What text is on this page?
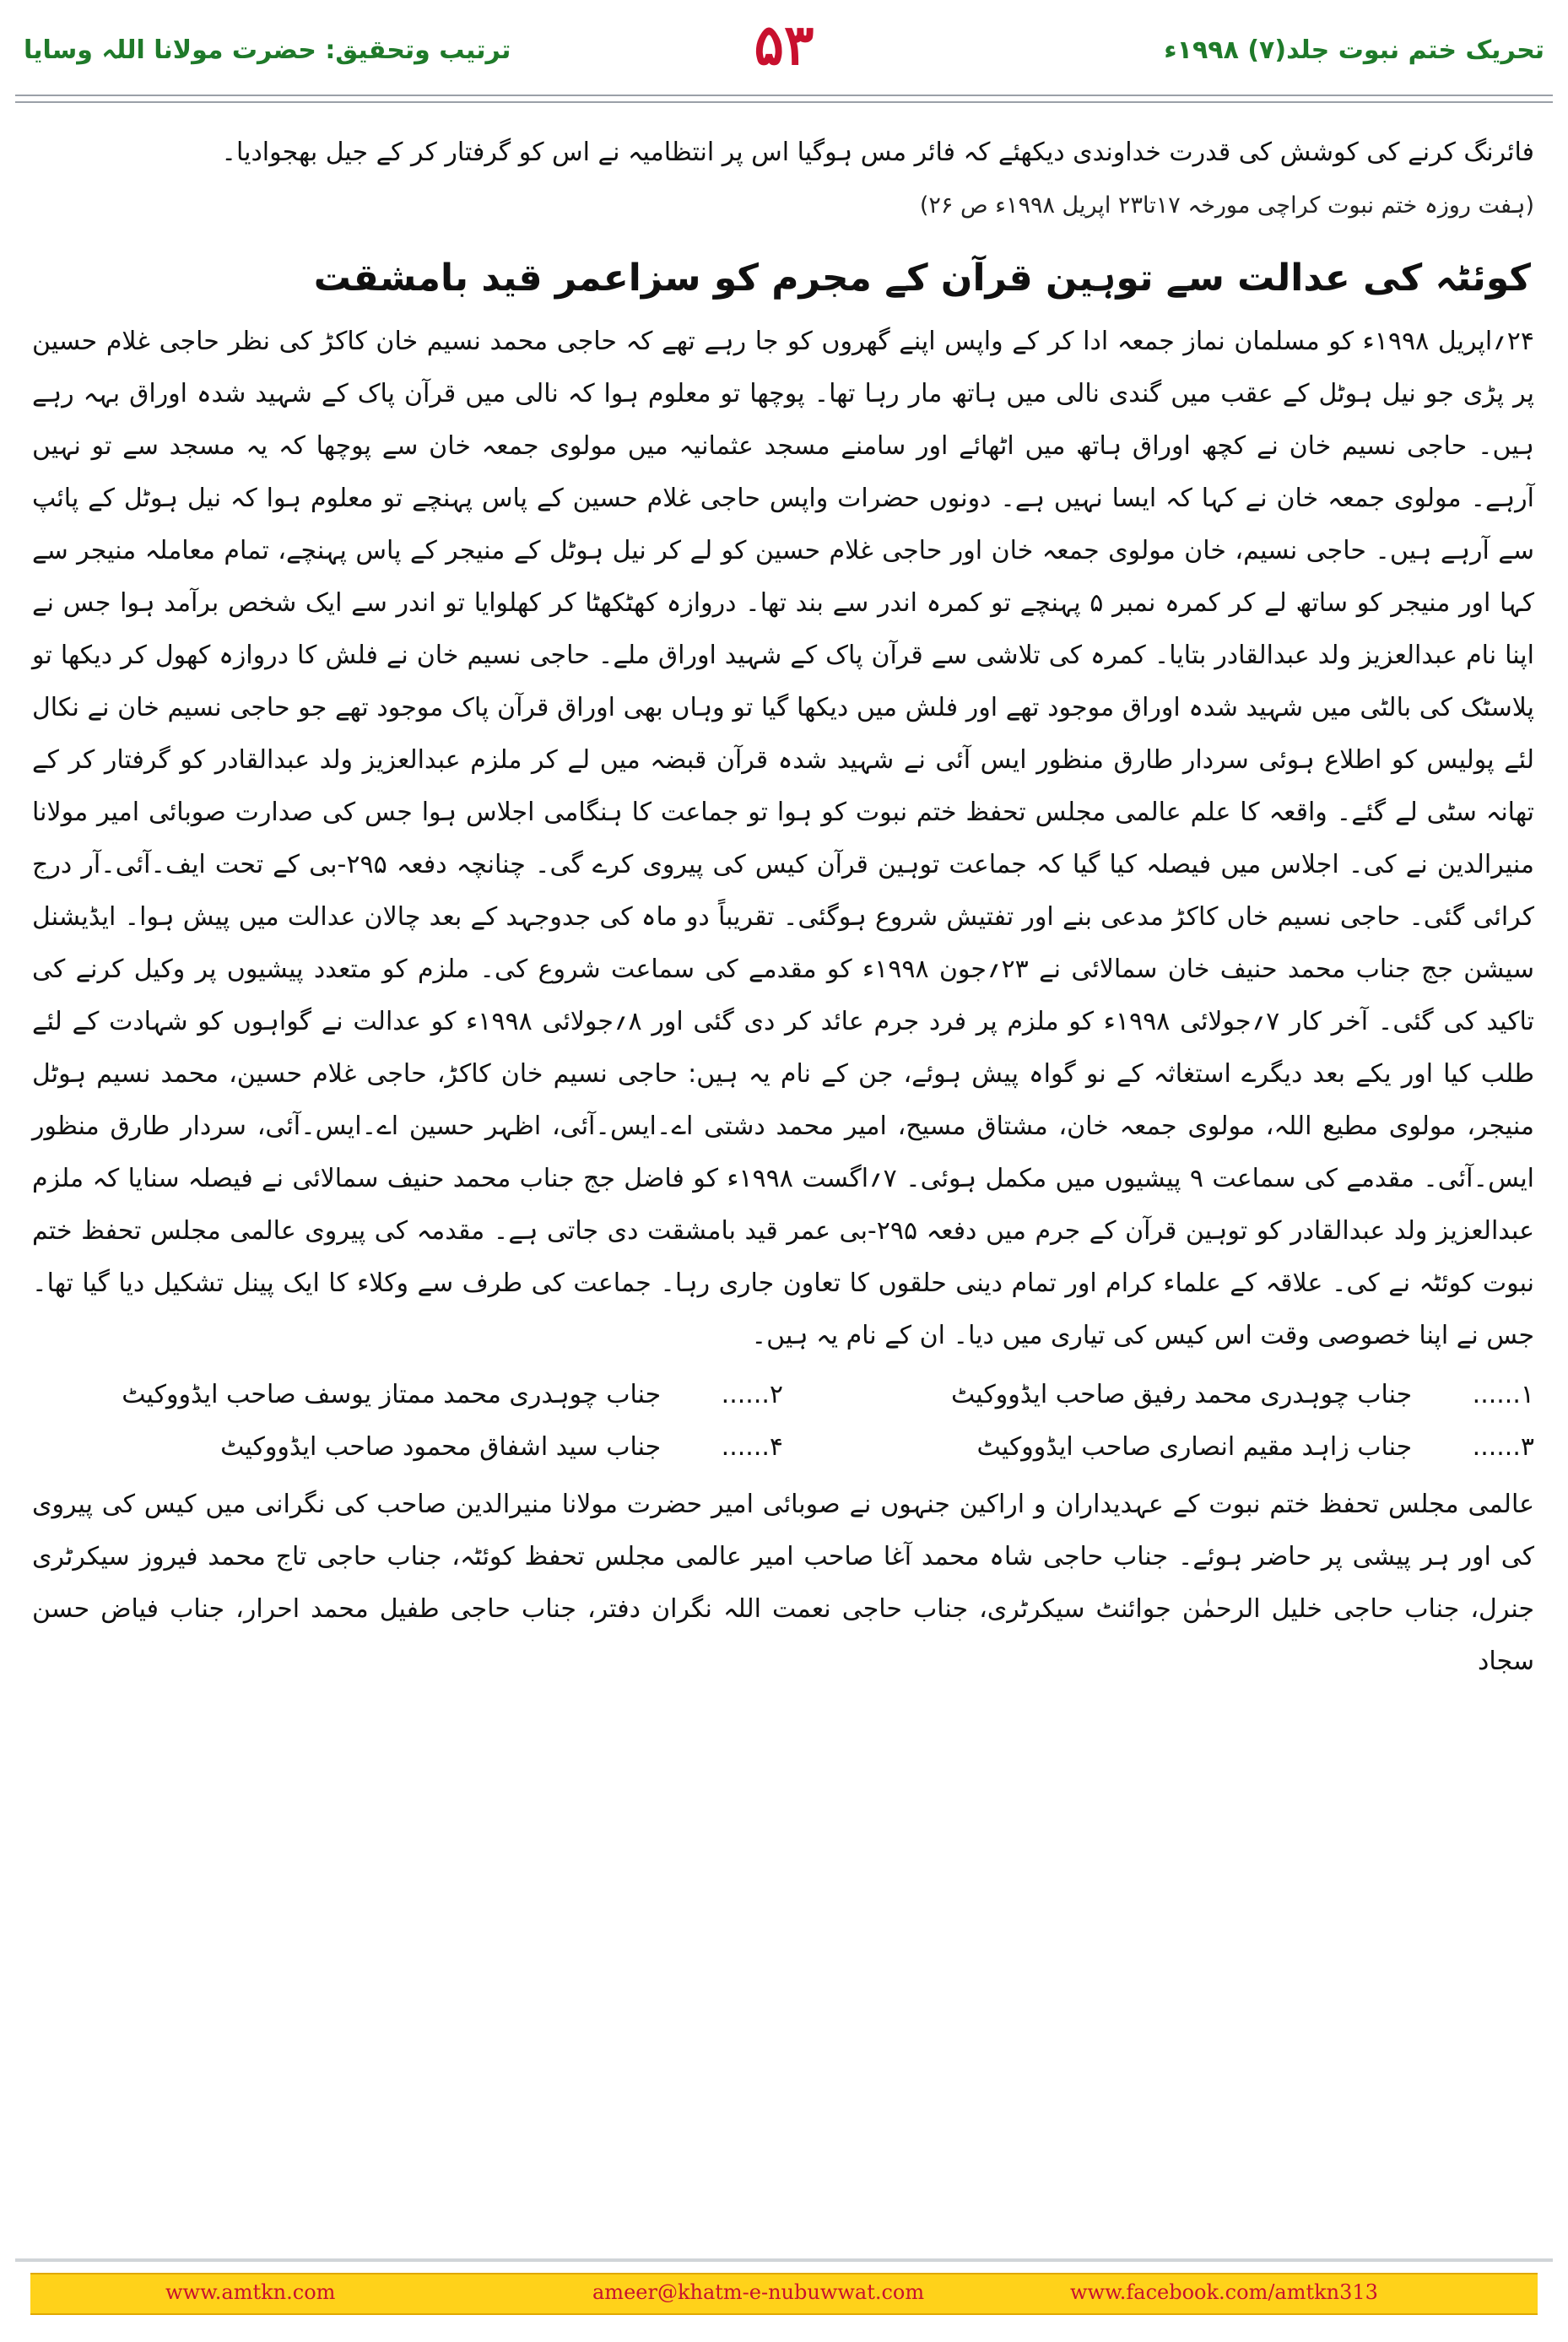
تحریک ختم نبوت جلد(۷) ۱۹۹۸ء
۵۳
ترتیب وتحقیق: حضرت مولانا اللہ وسایا

فائرنگ کرنے کی کوشش کی قدرت خداوندی دیکھئے کہ فائر مس ہوگیا اس پر انتظامیہ نے اس کو گرفتار کر کے جیل بھجوادیا۔

(ہفت روزہ ختم نبوت کراچی مورخہ ۱۷تا۲۳ اپریل ۱۹۹۸ء ص ۲۶)

کوئٹہ کی عدالت سے توہین قرآن کے مجرم کو سزاعمر قید بامشقت

۲۴؍اپریل ۱۹۹۸ء کو مسلمان نماز جمعہ ادا کر کے واپس اپنے گھروں کو جا رہے تھے کہ حاجی محمد نسیم خان کاکڑ کی نظر حاجی غلام حسین پر پڑی جو نیل ہوٹل کے عقب میں گندی نالی میں ہاتھ مار رہا تھا۔ پوچھا تو معلوم ہوا کہ نالی میں قرآن پاک کے شہید شدہ اوراق بہہ رہے ہیں۔ حاجی نسیم خان نے کچھ اوراق ہاتھ میں اٹھائے اور سامنے مسجد عثمانیہ میں مولوی جمعہ خان سے پوچھا کہ یہ مسجد سے تو نہیں آرہے۔ مولوی جمعہ خان نے کہا کہ ایسا نہیں ہے۔ دونوں حضرات واپس حاجی غلام حسین کے پاس پہنچے تو معلوم ہوا کہ نیل ہوٹل کے پائپ سے آرہے ہیں۔ حاجی نسیم، خان مولوی جمعہ خان اور حاجی غلام حسین کو لے کر نیل ہوٹل کے منیجر کے پاس پہنچے، تمام معاملہ منیجر سے کہا اور منیجر کو ساتھ لے کر کمرہ نمبر ۵ پہنچے تو کمرہ اندر سے بند تھا۔ دروازہ کھٹکھٹا کر کھلوایا تو اندر سے ایک شخص برآمد ہوا جس نے اپنا نام عبدالعزیز ولد عبدالقادر بتایا۔ کمرہ کی تلاشی سے قرآن پاک کے شہید اوراق ملے۔ حاجی نسیم خان نے فلش کا دروازہ کھول کر دیکھا تو پلاسٹک کی بالٹی میں شہید شدہ اوراق موجود تھے اور فلش میں دیکھا گیا تو وہاں بھی اوراق قرآن پاک موجود تھے جو حاجی نسیم خان نے نکال لئے پولیس کو اطلاع ہوئی سردار طارق منظور ایس آئی نے شہید شدہ قرآن قبضہ میں لے کر ملزم عبدالعزیز ولد عبدالقادر کو گرفتار کر کے تھانہ سٹی لے گئے۔ واقعہ کا علم عالمی مجلس تحفظ ختم نبوت کو ہوا تو جماعت کا ہنگامی اجلاس ہوا جس کی صدارت صوبائی امیر مولانا منیرالدین نے کی۔ اجلاس میں فیصلہ کیا گیا کہ جماعت توہین قرآن کیس کی پیروی کرے گی۔ چنانچہ دفعہ ۲۹۵-بی کے تحت ایف۔آئی۔آر درج کرائی گئی۔ حاجی نسیم خاں کاکڑ مدعی بنے اور تفتیش شروع ہوگئی۔ تقریباً دو ماہ کی جدوجہد کے بعد چالان عدالت میں پیش ہوا۔ ایڈیشنل سیشن جج جناب محمد حنیف خان سمالائی نے ۲۳؍جون ۱۹۹۸ء کو مقدمے کی سماعت شروع کی۔ ملزم کو متعدد پیشیوں پر وکیل کرنے کی تاکید کی گئی۔ آخر کار ۷؍جولائی ۱۹۹۸ء کو ملزم پر فرد جرم عائد کر دی گئی اور ۸؍جولائی ۱۹۹۸ء کو عدالت نے گواہوں کو شہادت کے لئے طلب کیا اور یکے بعد دیگرے استغاثہ کے نو گواہ پیش ہوئے، جن کے نام یہ ہیں: حاجی نسیم خان کاکڑ، حاجی غلام حسین، محمد نسیم ہوٹل منیجر، مولوی مطیع اللہ، مولوی جمعہ خان، مشتاق مسیح، امیر محمد دشتی اے۔ایس۔آئی، اظہر حسین اے۔ایس۔آئی، سردار طارق منظور ایس۔آئی۔ مقدمے کی سماعت ۹ پیشیوں میں مکمل ہوئی۔ ۷؍اگست ۱۹۹۸ء کو فاضل جج جناب محمد حنیف سمالائی نے فیصلہ سنایا کہ ملزم عبدالعزیز ولد عبدالقادر کو توہین قرآن کے جرم میں دفعہ ۲۹۵-بی عمر قید بامشقت دی جاتی ہے۔ مقدمہ کی پیروی عالمی مجلس تحفظ ختم نبوت کوئٹہ نے کی۔ علاقہ کے علماء کرام اور تمام دینی حلقوں کا تعاون جاری رہا۔ جماعت کی طرف سے وکلاء کا ایک پینل تشکیل دیا گیا تھا۔ جس نے اپنا خصوصی وقت اس کیس کی تیاری میں دیا۔ ان کے نام یہ ہیں۔

۱......	جناب چوہدری محمد رفیق صاحب ایڈووکیٹ	۲......	جناب چوہدری محمد ممتاز یوسف صاحب ایڈووکیٹ
۳......	جناب زاہد مقیم انصاری صاحب ایڈووکیٹ	۴......	جناب سید اشفاق محمود صاحب ایڈووکیٹ

عالمی مجلس تحفظ ختم نبوت کے عہدیداران و اراکین جنہوں نے صوبائی امیر حضرت مولانا منیرالدین صاحب کی نگرانی میں کیس کی پیروی کی اور ہر پیشی پر حاضر ہوئے۔ جناب حاجی شاہ محمد آغا صاحب امیر عالمی مجلس تحفظ کوئٹہ، جناب حاجی تاج محمد فیروز سیکرٹری جنرل، جناب حاجی خلیل الرحمٰن جوائنٹ سیکرٹری، جناب حاجی نعمت اللہ نگران دفتر، جناب حاجی طفیل محمد احرار، جناب فیاض حسن سجاد

www.amtkn.com	ameer@khatm-e-nubuwwat.com	www.facebook.com/amtkn313
